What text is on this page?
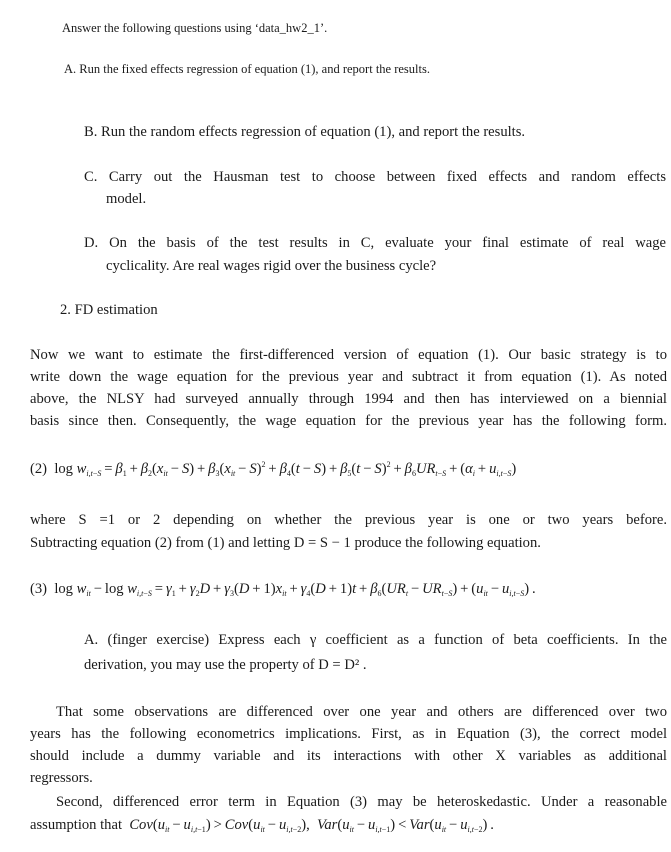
Answer the following questions using ‘data_hw2_1’.
A. Run the fixed effects regression of equation (1), and report the results.
B. Run the random effects regression of equation (1), and report the results.
C. Carry out the Hausman test to choose between fixed effects and random effects
model.
D. On the basis of the test results in C, evaluate your final estimate of real wage
cyclicality. Are real wages rigid over the business cycle?
2. FD estimation
Now we want to estimate the first-differenced version of equation (1). Our basic strategy is to
write down the wage equation for the previous year and subtract it from equation (1). As noted
above, the NLSY had surveyed annually through 1994 and then has interviewed on a biennial
basis since then. Consequently, the wage equation for the previous year has the following form.
(2)  $\log w_{i,t-S} = \beta_1 + \beta_2(x_{it} - S) + \beta_3(x_{it} - S)^2 + \beta_4(t - S) + \beta_5(t - S)^2 + \beta_6UR_{t-S} + (\alpha_i + u_{i,t-S})$
where S =1 or 2 depending on whether the previous year is one or two years before.
Subtracting equation (2) from (1) and letting D = S − 1 produce the following equation.
(3)  $\log w_{it} - \log w_{i,t-S} = \gamma_1 + \gamma_2D + \gamma_3(D + 1)x_{it} + \gamma_4(D + 1)t + \beta_6(UR_t - UR_{t-S}) + (u_{it} - u_{i,t-S})$ .
A. (finger exercise) Express each γ coefficient as a function of beta coefficients. In the
derivation, you may use the property of D = D² .
That some observations are differenced over one year and others are differenced over two
years has the following econometrics implications. First, as in Equation (3), the correct model
should include a dummy variable and its interactions with other X variables as additional
regressors.
Second, differenced error term in Equation (3) may be heteroskedastic. Under a reasonable
assumption that $Cov(u_{it} - u_{i,t-1}) > Cov(u_{it} - u_{i,t-2})$,  $Var(u_{it} - u_{i,t-1}) < Var(u_{it} - u_{i,t-2})$ .
